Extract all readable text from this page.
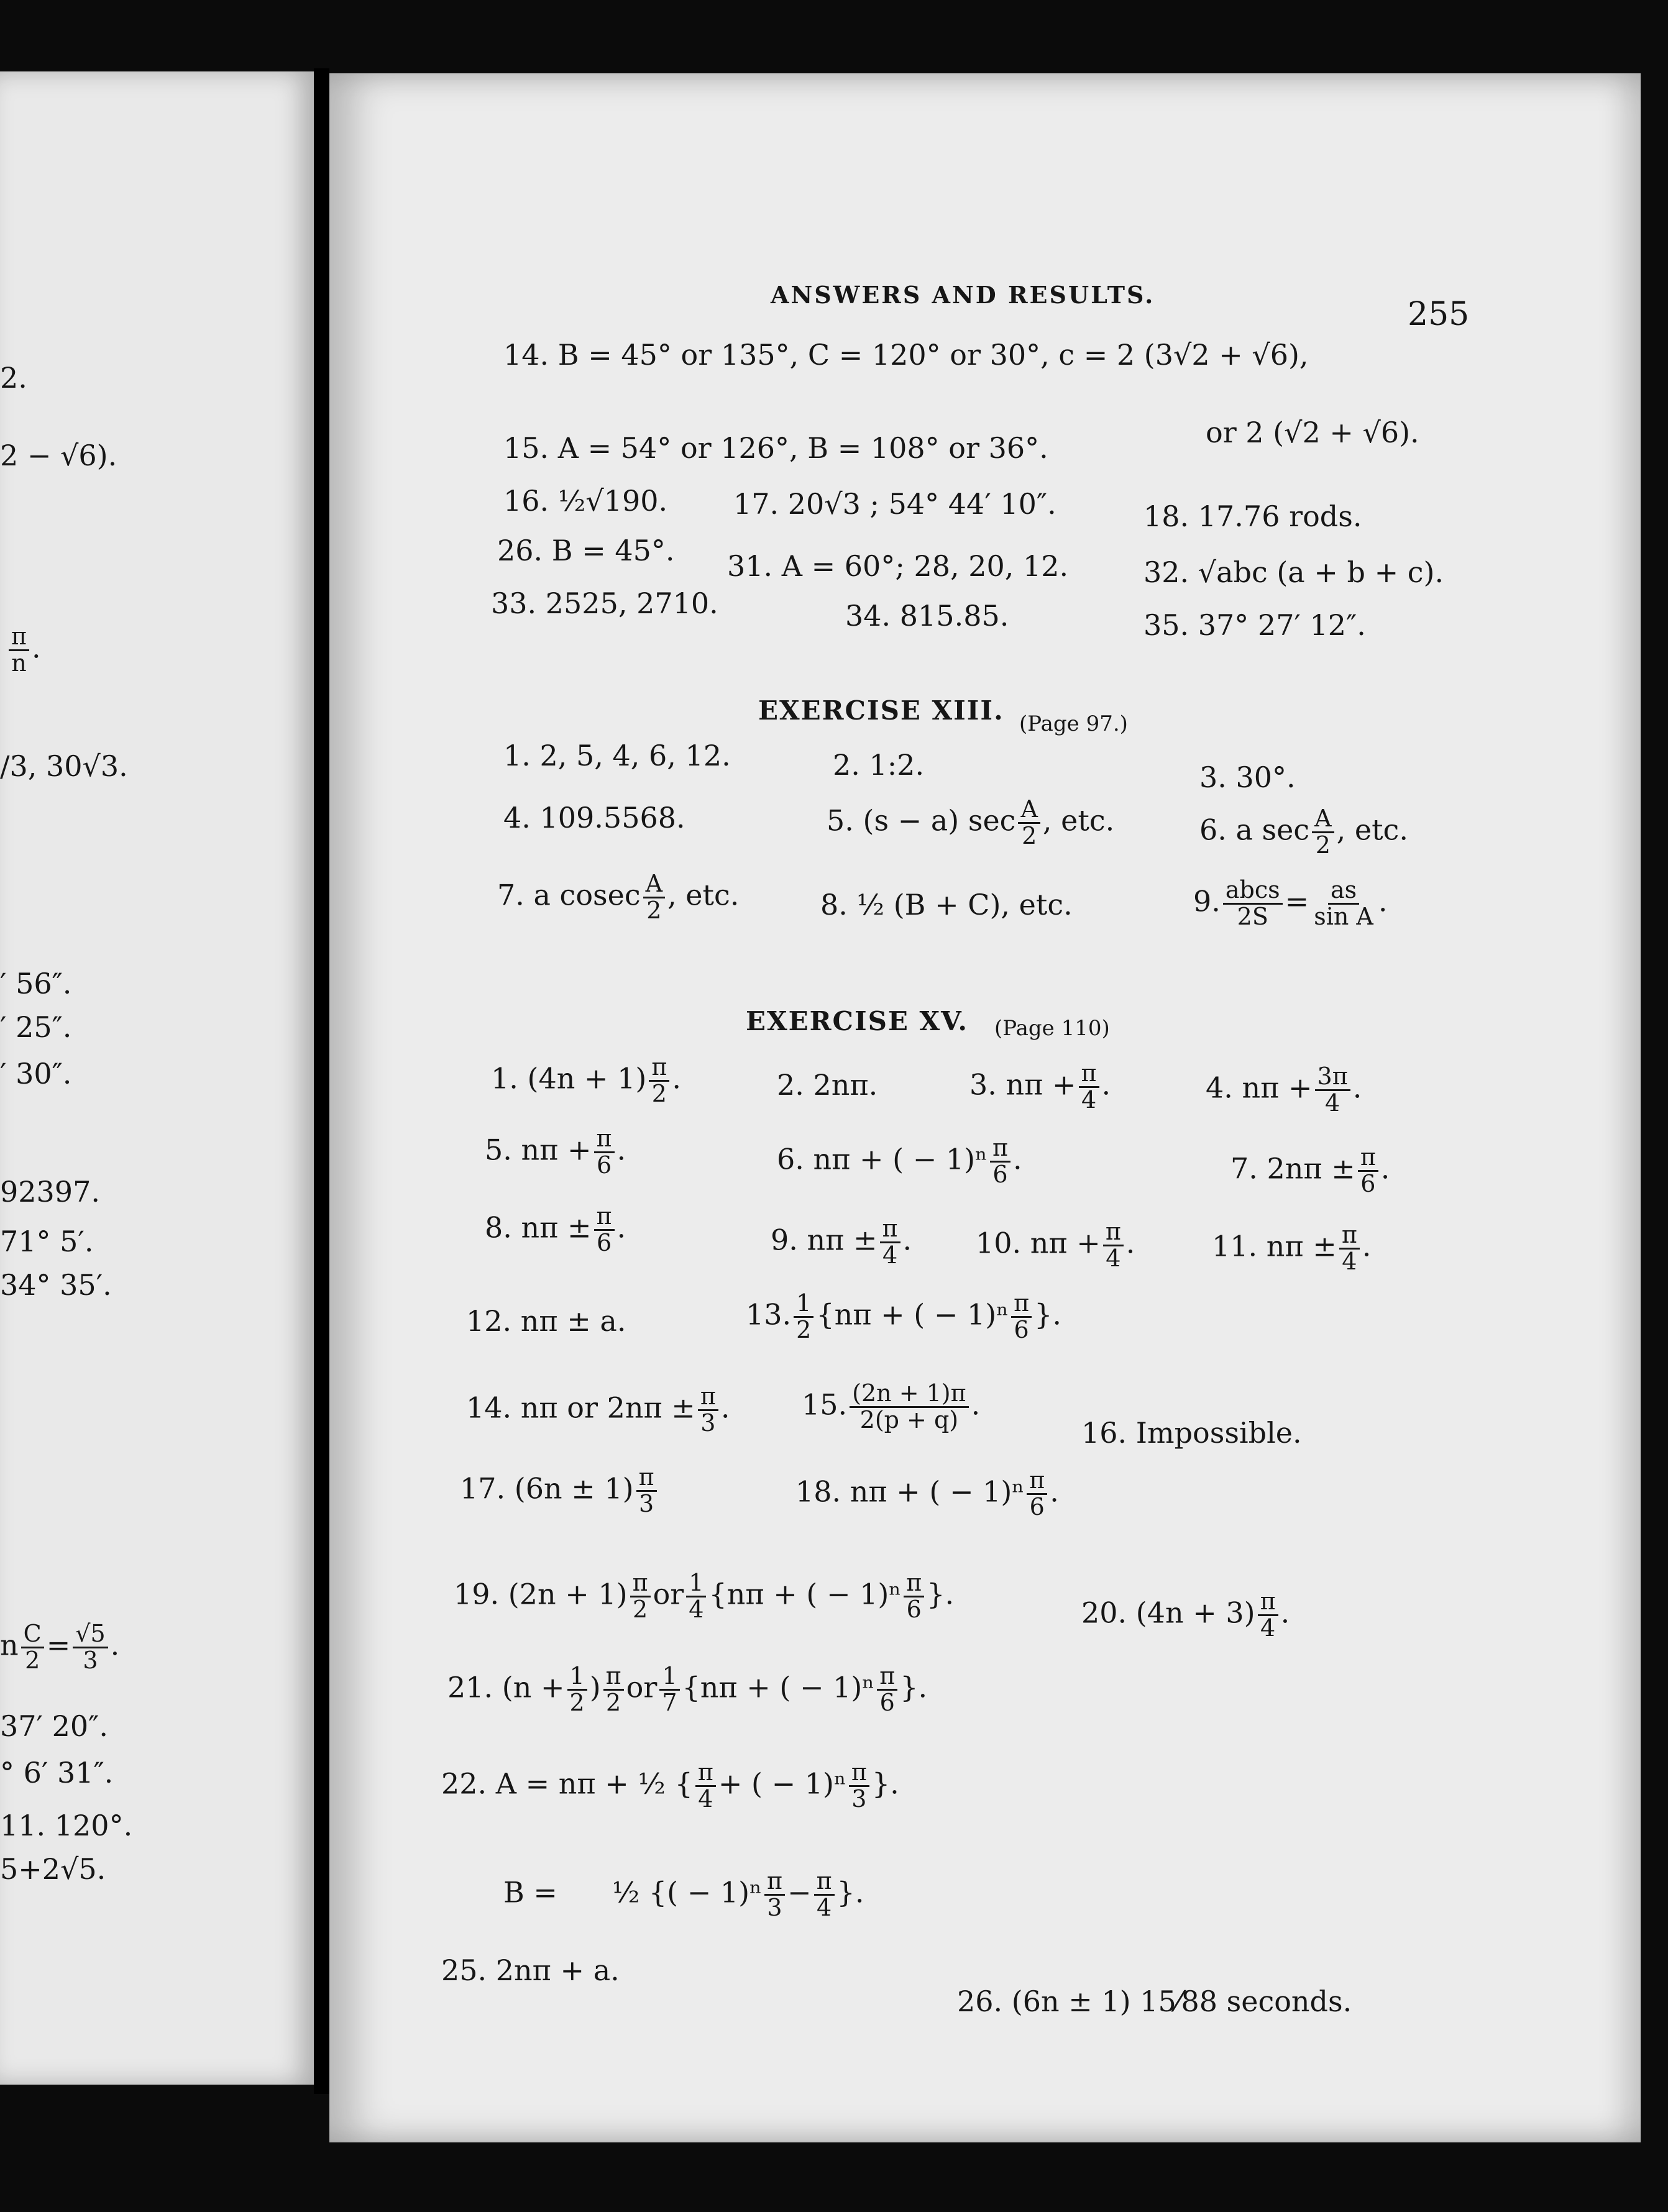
2.
2 − √6).
$\frac{\pi}{n}$ .
/3, 30√3.
′ 56″.
′ 25″.
′ 30″.
92397.
71° 5′.
34° 35′.
n $\frac{C}{2} = \frac{√5}{3}$ .
37′ 20″.
° 6′ 31″.
11. 120°.
5+2√5.
ANSWERS AND RESULTS.
255
14. B = 45° or 135°, C = 120° or 30°, c = 2 (3√2 + √6),
or 2 (√2 + √6).
15. A = 54° or 126°, B = 108° or 36°.
16. ½√190. 17. 20√3 ; 54° 44′ 10″.	18. 17.76 rods.
26. B = 45°. 31. A = 60°; 28, 20, 12.	32. √abc (a + b + c).
33. 2525, 2710.	34. 815.85.	35. 37° 27′ 12″.
EXERCISE XIII. (Page 97.)
1. 2, 5, 4, 6, 12.	2. 1:2.	3. 30°.
4. 109.5568.	5. (s − a) $\sec \frac{A}{2}$ , etc.	6. a $\sec \frac{A}{2}$ , etc.
7. a cosec $\frac{A}{2}$ , etc.	8. ½ (B + C), etc.	9. $\frac{\text{abcs}}{2S} = \frac{as}{\text{sin A}}$ .
EXERCISE XV. (Page 110)
1. $(4n + 1) \frac{\pi}{2}$ .	2. 2nπ.	3. $n\pi + \frac{\pi}{4}$ .	4. $n\pi + \frac{3\pi}{4}$ .
5. $n\pi + \frac{\pi}{6}$ .	6. nπ + ( − $1)^n \frac{\pi}{6}$ .	7. $2n\pi \pm \frac{\pi}{6}$ .
8. $n\pi \pm \frac{\pi}{6}$ .	9. $n\pi \pm \frac{\pi}{4}$ . 10. $n\pi + \frac{\pi}{4}$ .	11. $n\pi \pm \frac{\pi}{4}$ .
12. nπ ± a.	13. $\frac{1}{2} \{n\pi$ + ( − $1)^n \frac{\pi}{6}$ }.
14. nπ or $2n\pi \pm \frac{\pi}{3}$ .	15. $\frac{(2n + 1)\pi}{2(p + q)}$ .
16. Impossible.
17. $(6n \pm 1) \frac{\pi}{3}$	18. nπ + ( − $1)^n \frac{\pi}{6}$ .
19. $(2n + 1) \frac{\pi}{2}$ or $\frac{1}{4} \{n\pi$ + ( − $1)^n \frac{\pi}{6}$ }.
20. $(4n + 3) \frac{\pi}{4}$ .
21. ($n + \frac{1}{2}$ ) $\frac{\pi}{2}$ or $\frac{1}{7} \{n\pi$ + ( − $1)^n \frac{\pi}{6}$ }.
22. A = nπ + ½ { $\frac{\pi}{4}$ + ( − $1)^n \frac{\pi}{3}$ }.
B = ½ {( − $1)^n \frac{\pi}{3} - \frac{\pi}{4}$ }.
25. 2nπ + a.
26. (6n ± 1) 15⁄88 seconds.
